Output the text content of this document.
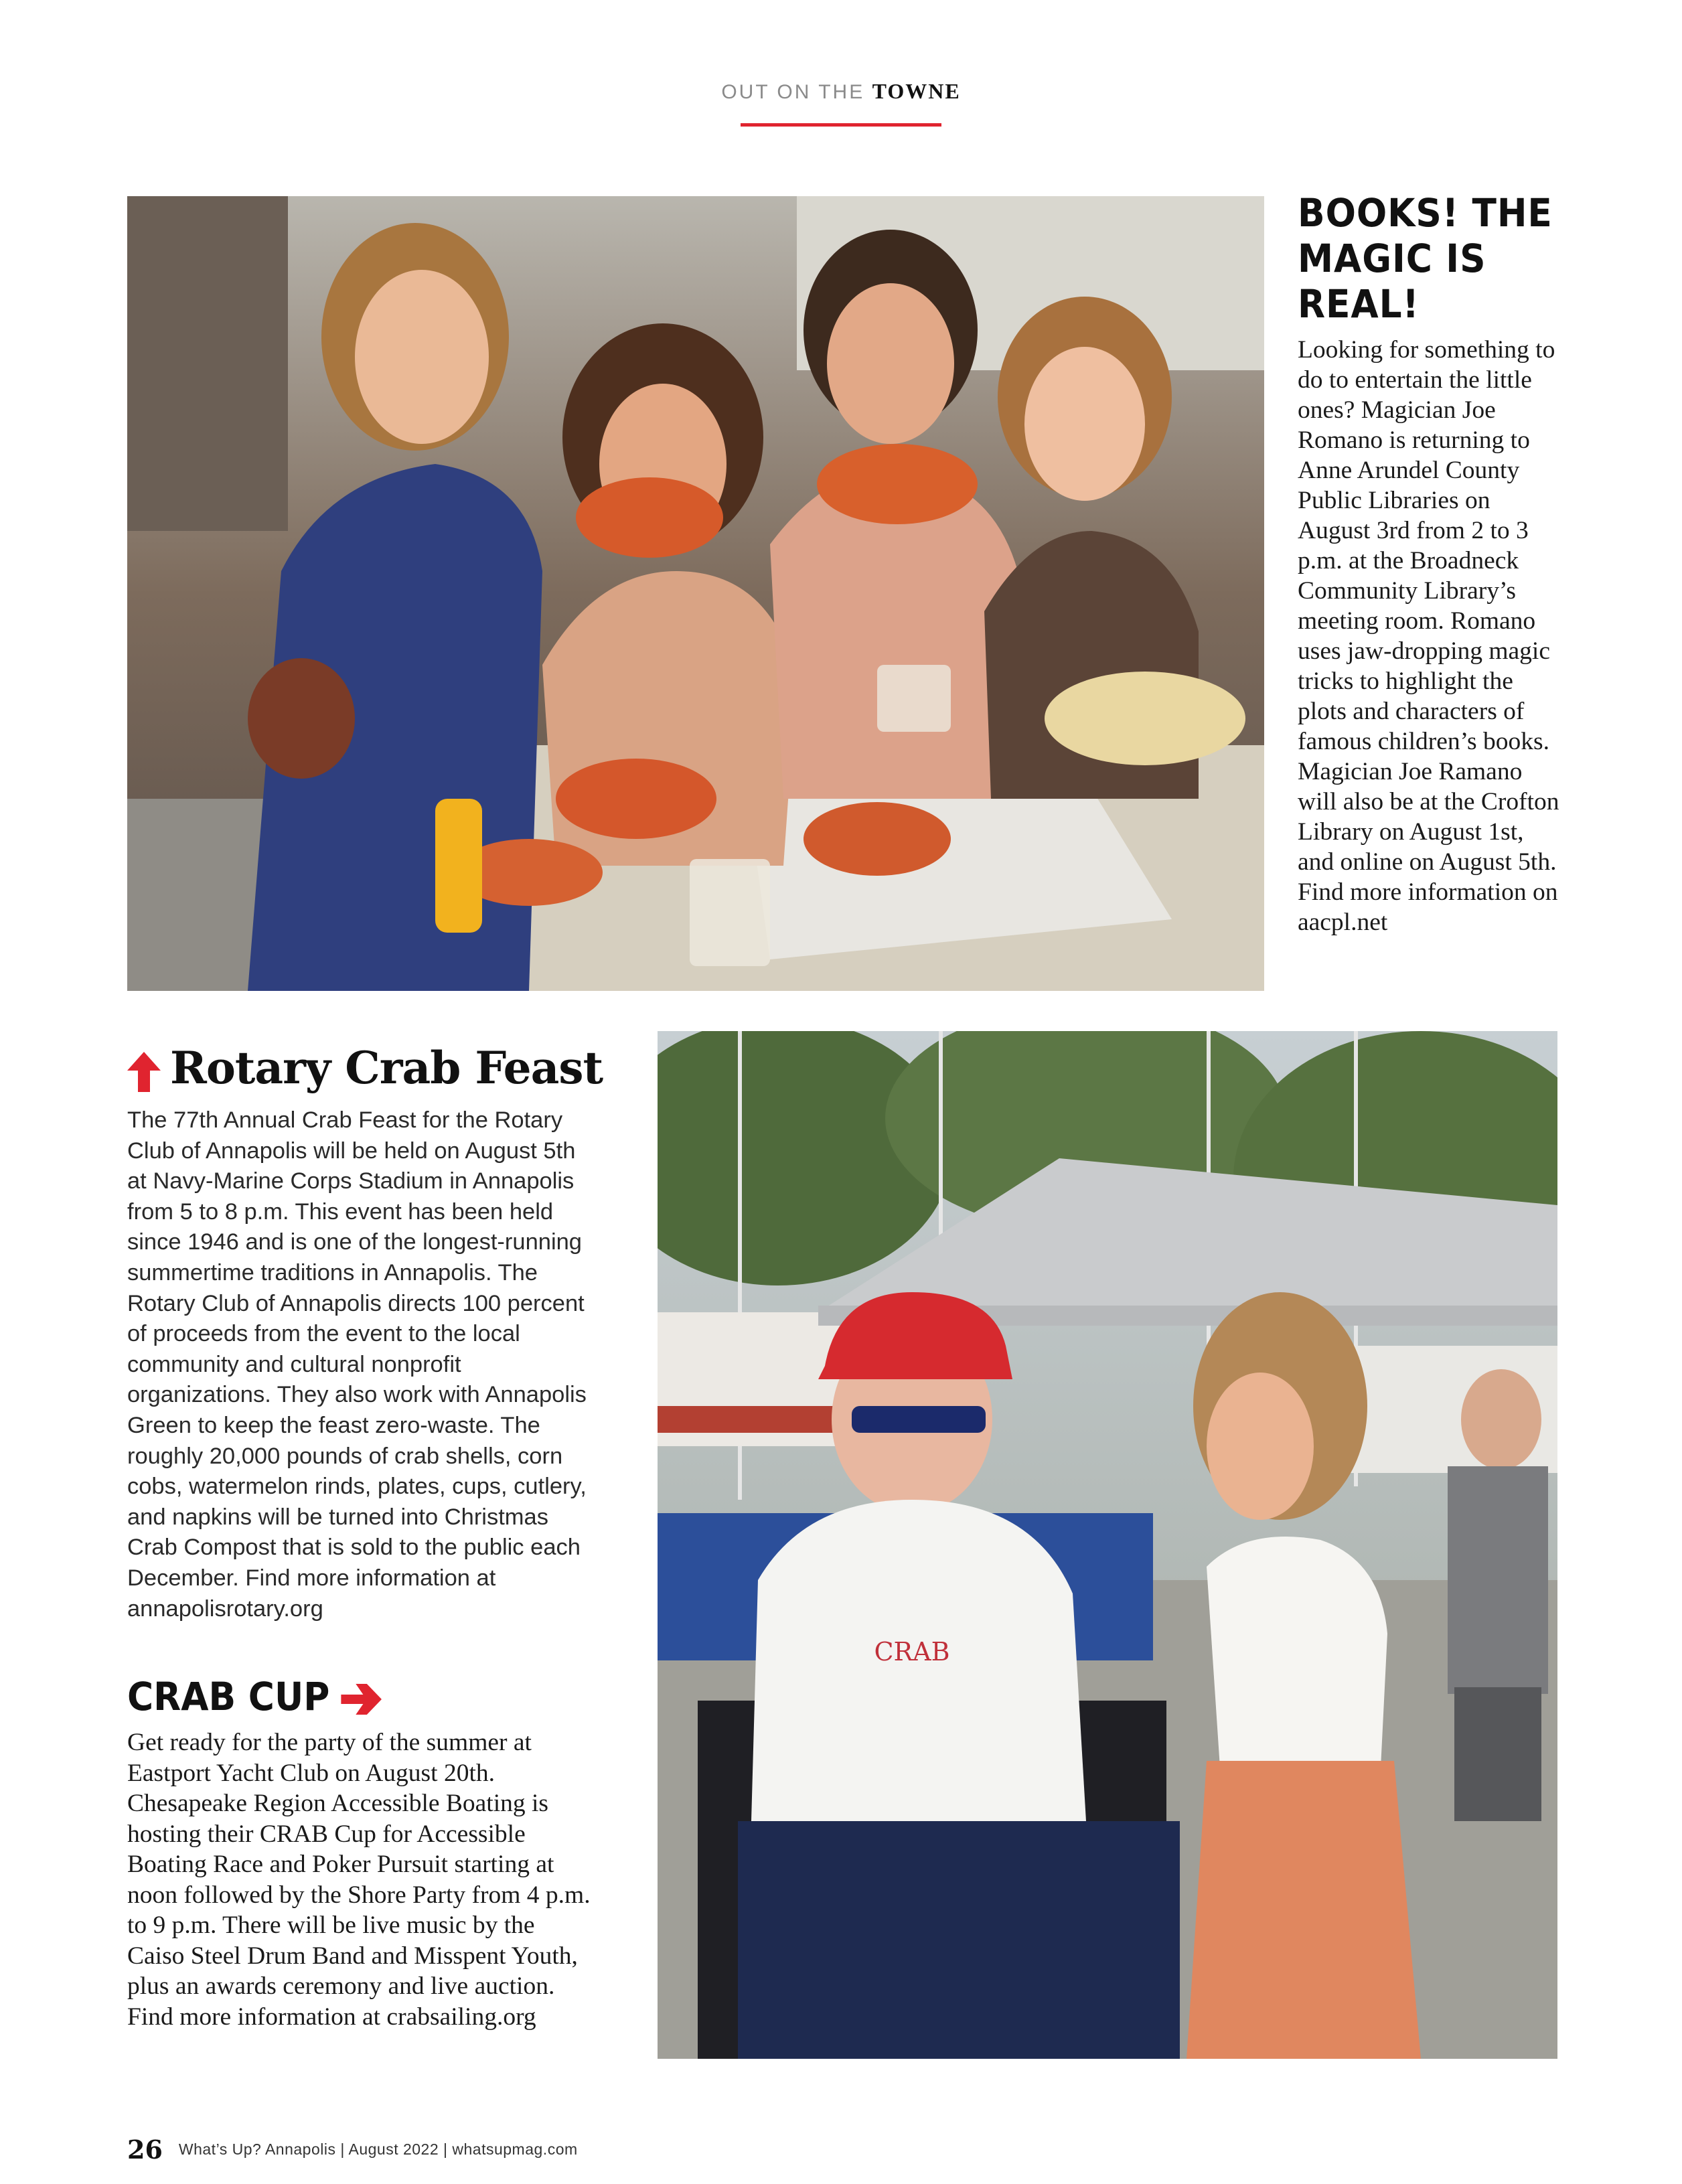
OUT ON THE TOWNE
BOOKS! THE MAGIC IS REAL!
Looking for something to do to entertain the little ones? Magician Joe Romano is returning to Anne Arundel County Public Libraries on August 3rd from 2 to 3 p.m. at the Broadneck Community Library’s meeting room. Romano uses jaw-dropping magic tricks to highlight the plots and characters of famous children’s books. Magician Joe Ramano will also be at the Crofton Library on August 1st, and online on August 5th. Find more information on aacpl.net
Rotary Crab Feast
The 77th Annual Crab Feast for the Rotary Club of Annapolis will be held on August 5th at Navy-Marine Corps Stadium in Annapolis from 5 to 8 p.m. This event has been held since 1946 and is one of the longest-running summertime traditions in Annapolis. The Rotary Club of Annapolis directs 100 percent of proceeds from the event to the local community and cultural nonprofit organizations. They also work with Annapolis Green to keep the feast zero-waste. The roughly 20,000 pounds of crab shells, corn cobs, watermelon rinds, plates, cups, cutlery, and napkins will be turned into Christmas Crab Compost that is sold to the public each December. Find more information at annapolisrotary.org
CRAB CUP
Get ready for the party of the summer at Eastport Yacht Club on August 20th. Chesapeake Region Accessible Boating is hosting their CRAB Cup for Accessible Boating Race and Poker Pursuit starting at noon followed by the Shore Party from 4 p.m. to 9 p.m. There will be live music by the Caiso Steel Drum Band and Misspent Youth, plus an awards ceremony and live auction. Find more information at crabsailing.org
CRAB
26 What’s Up? Annapolis | August 2022 | whatsupmag.com
